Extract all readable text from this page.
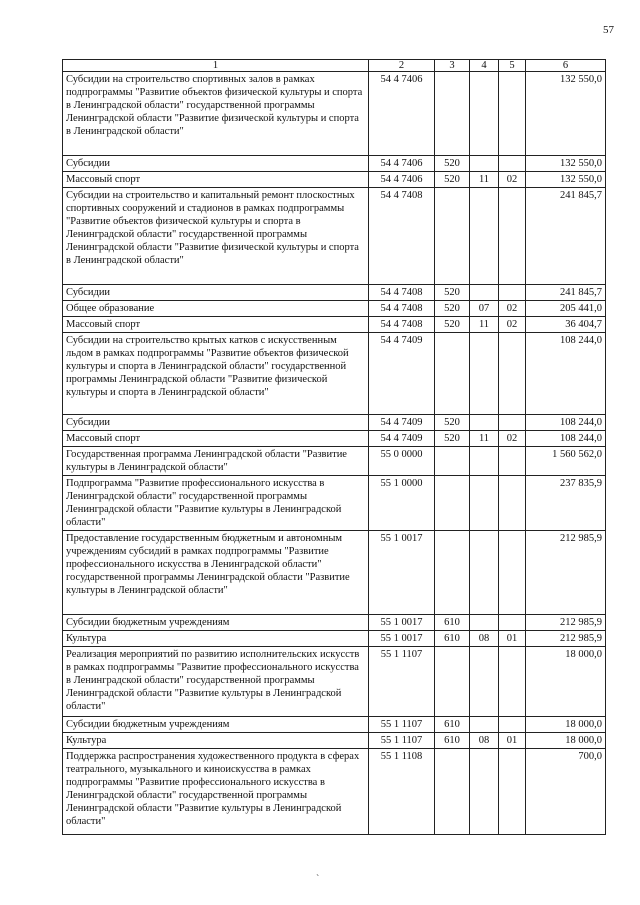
57
1	2	3	4	5	6
Субсидии на строительство спортивных залов в рамках подпрограммы "Развитие объектов физической культуры и спорта в Ленинградской области" государственной программы Ленинградской области "Развитие физической культуры и спорта в Ленинградской области"	54 4 7406				132 550,0
Субсидии	54 4 7406	520			132 550,0
Массовый спорт	54 4 7406	520	11	02	132 550,0
Субсидии на строительство и капитальный ремонт плоскостных спортивных сооружений и стадионов в рамках подпрограммы "Развитие объектов физической культуры и спорта в Ленинградской области" государственной программы Ленинградской области "Развитие физической культуры и спорта в Ленинградской области"	54 4 7408				241 845,7
Субсидии	54 4 7408	520			241 845,7
Общее образование	54 4 7408	520	07	02	205 441,0
Массовый спорт	54 4 7408	520	11	02	36 404,7
Субсидии на строительство крытых катков с искусственным льдом в рамках подпрограммы "Развитие объектов физической культуры и спорта в Ленинградской области" государственной программы Ленинградской области "Развитие физической культуры и спорта в Ленинградской области"	54 4 7409				108 244,0
Субсидии	54 4 7409	520			108 244,0
Массовый спорт	54 4 7409	520	11	02	108 244,0
Государственная программа Ленинградской области "Развитие культуры в Ленинградской области"	55 0 0000				1 560 562,0
Подпрограмма "Развитие профессионального искусства в Ленинградской области" государственной программы Ленинградской области "Развитие культуры в Ленинградской области"	55 1 0000				237 835,9
Предоставление государственным бюджетным и автономным учреждениям субсидий в рамках подпрограммы "Развитие профессионального искусства в Ленинградской области" государственной программы Ленинградской области "Развитие культуры в Ленинградской области"	55 1 0017				212 985,9
Субсидии бюджетным учреждениям	55 1 0017	610			212 985,9
Культура	55 1 0017	610	08	01	212 985,9
Реализация мероприятий по развитию исполнительских искусств в рамках подпрограммы "Развитие профессионального искусства в Ленинградской области" государственной программы Ленинградской области "Развитие культуры в Ленинградской области"	55 1 1107				18 000,0
Субсидии бюджетным учреждениям	55 1 1107	610			18 000,0
Культура	55 1 1107	610	08	01	18 000,0
Поддержка распространения художественного продукта в сферах театрального, музыкального и киноискусства в рамках подпрограммы "Развитие профессионального искусства в Ленинградской области" государственной программы Ленинградской области "Развитие культуры в Ленинградской области"	55 1 1108				700,0
`
